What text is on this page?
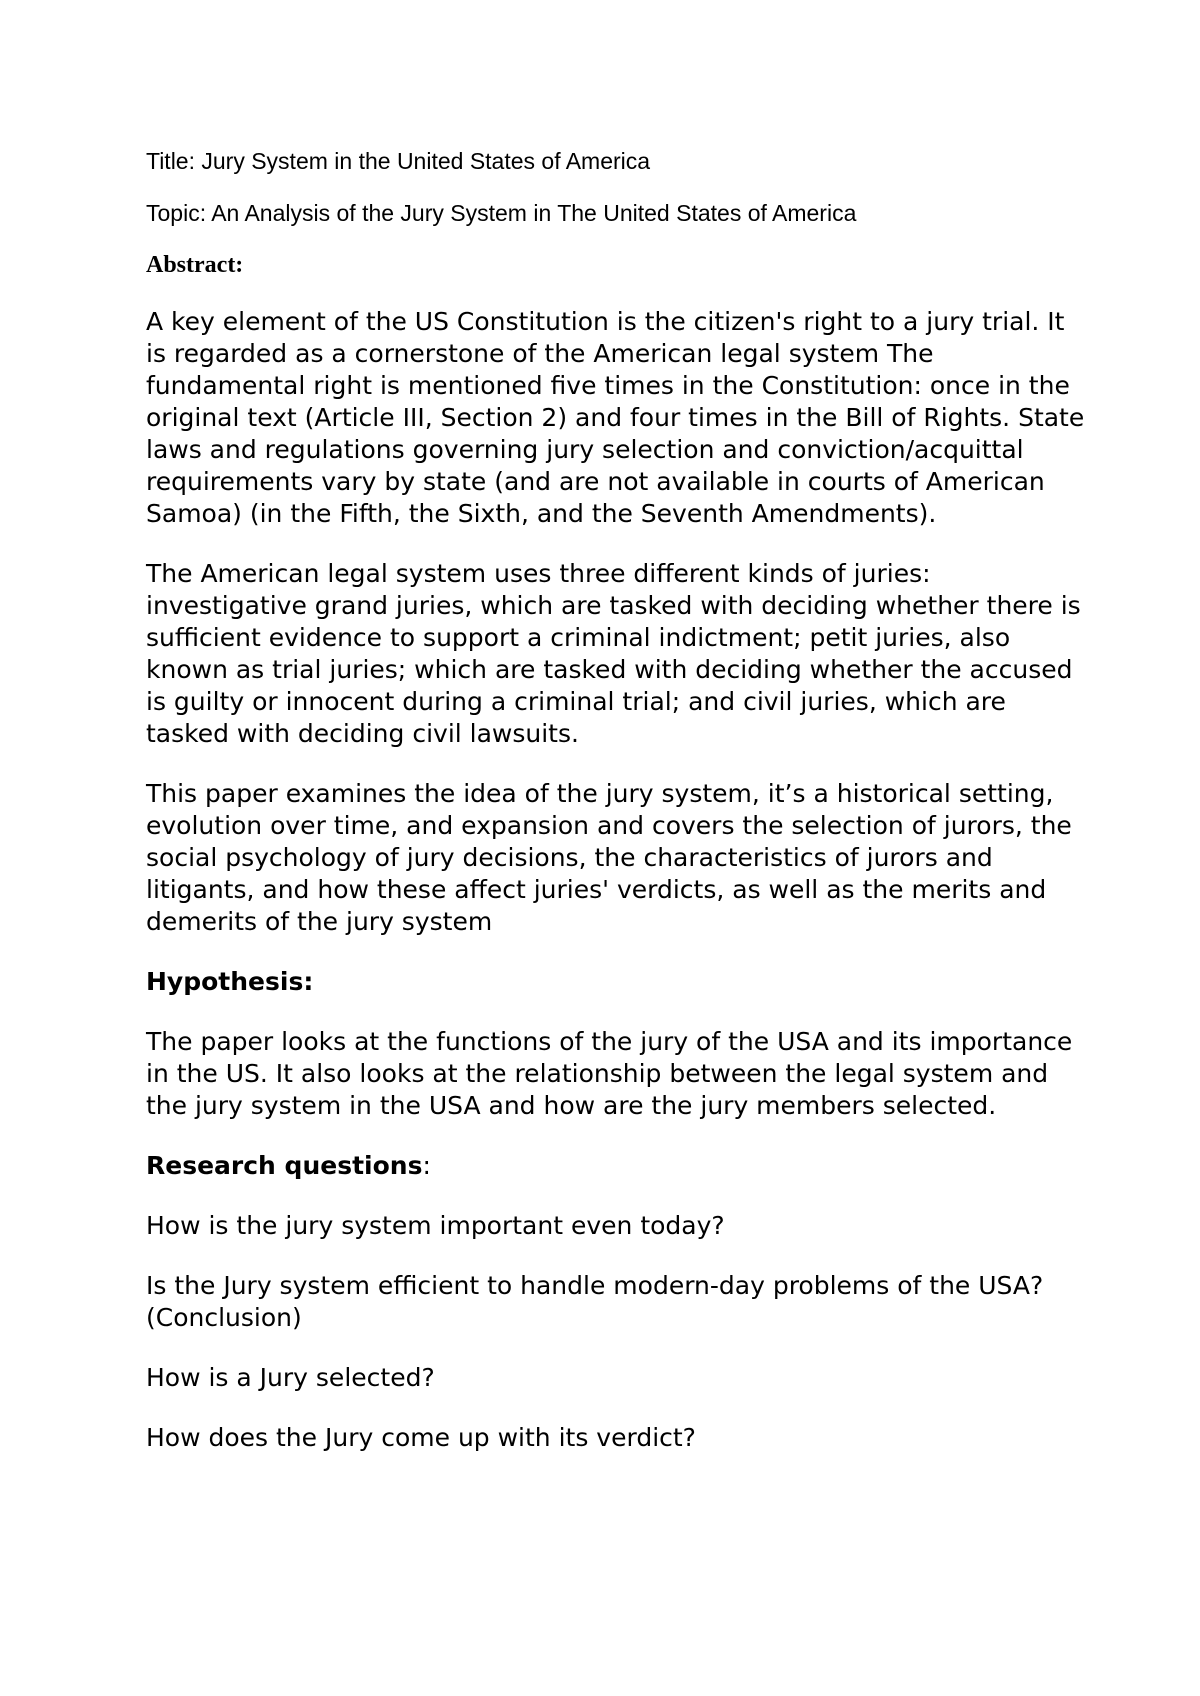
Title: Jury System in the United States of America

Topic: An Analysis of the Jury System in The United States of America

Abstract:

A key element of the US Constitution is the citizen's right to a jury trial. It is regarded as a cornerstone of the American legal system The fundamental right is mentioned five times in the Constitution: once in the original text (Article III, Section 2) and four times in the Bill of Rights. State laws and regulations governing jury selection and conviction/acquittal requirements vary by state (and are not available in courts of American Samoa) (in the Fifth, the Sixth, and the Seventh Amendments).

The American legal system uses three different kinds of juries: investigative grand juries, which are tasked with deciding whether there is sufficient evidence to support a criminal indictment; petit juries, also known as trial juries; which are tasked with deciding whether the accused is guilty or innocent during a criminal trial; and civil juries, which are tasked with deciding civil lawsuits.

This paper examines the idea of the jury system, it’s a historical setting, evolution over time, and expansion and covers the selection of jurors, the social psychology of jury decisions, the characteristics of jurors and litigants, and how these affect juries' verdicts, as well as the merits and demerits of the jury system

Hypothesis:

The paper looks at the functions of the jury of the USA and its importance in the US. It also looks at the relationship between the legal system and the jury system in the USA and how are the jury members selected.

Research questions:

How is the jury system important even today?

Is the Jury system efficient to handle modern-day problems of the USA? (Conclusion)

How is a Jury selected?

How does the Jury come up with its verdict?
